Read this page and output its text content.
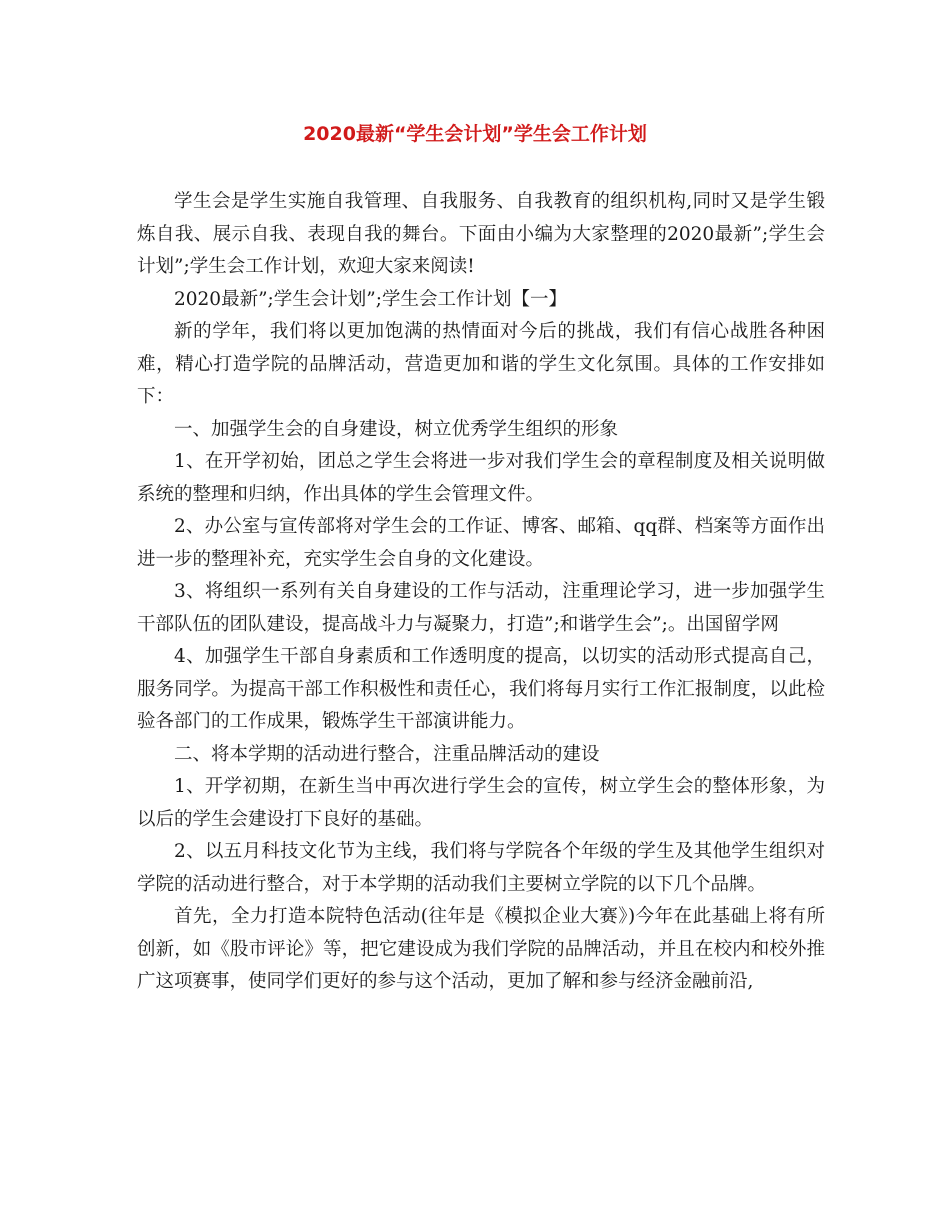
2020最新“学生会计划”学生会工作计划

学生会是学生实施自我管理、自我服务、自我教育的组织机构,同时又是学生锻炼自我、展示自我、表现自我的舞台。下面由小编为大家整理的2020最新”;学生会计划”;学生会工作计划，欢迎大家来阅读!

2020最新”;学生会计划”;学生会工作计划【一】

新的学年，我们将以更加饱满的热情面对今后的挑战，我们有信心战胜各种困难，精心打造学院的品牌活动，营造更加和谐的学生文化氛围。具体的工作安排如下：

一、加强学生会的自身建设，树立优秀学生组织的形象

1、在开学初始，团总之学生会将进一步对我们学生会的章程制度及相关说明做系统的整理和归纳，作出具体的学生会管理文件。

2、办公室与宣传部将对学生会的工作证、博客、邮箱、qq群、档案等方面作出进一步的整理补充，充实学生会自身的文化建设。

3、将组织一系列有关自身建设的工作与活动，注重理论学习，进一步加强学生干部队伍的团队建设，提高战斗力与凝聚力，打造”;和谐学生会”;。出国留学网

4、加强学生干部自身素质和工作透明度的提高，以切实的活动形式提高自己，服务同学。为提高干部工作积极性和责任心，我们将每月实行工作汇报制度，以此检验各部门的工作成果，锻炼学生干部演讲能力。

二、将本学期的活动进行整合，注重品牌活动的建设

1、开学初期，在新生当中再次进行学生会的宣传，树立学生会的整体形象，为以后的学生会建设打下良好的基础。

2、以五月科技文化节为主线，我们将与学院各个年级的学生及其他学生组织对学院的活动进行整合，对于本学期的活动我们主要树立学院的以下几个品牌。

首先，全力打造本院特色活动(往年是《模拟企业大赛》)今年在此基础上将有所创新，如《股市评论》等，把它建设成为我们学院的品牌活动，并且在校内和校外推广这项赛事，使同学们更好的参与这个活动，更加了解和参与经济金融前沿,
